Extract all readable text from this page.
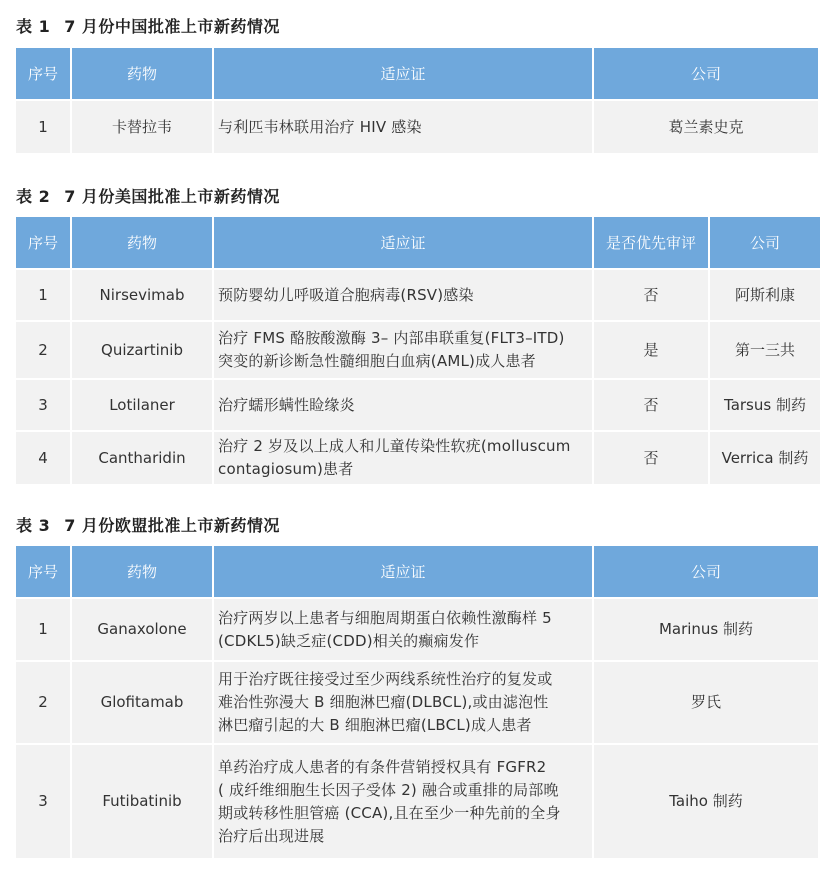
表 1 7 月份中国批准上市新药情况
序号	药物	适应证	公司
1	卡替拉韦	与利匹韦林联用治疗 HIV 感染	葛兰素史克
表 2 7 月份美国批准上市新药情况
序号	药物	适应证	是否优先审评	公司
1	Nirsevimab	预防婴幼儿呼吸道合胞病毒(RSV)感染	否	阿斯利康
2	Quizartinib	治疗 FMS 酪胺酸激酶 3– 内部串联重复(FLT3–ITD)
突变的新诊断急性髓细胞白血病(AML)成人患者	是	第一三共
3	Lotilaner	治疗蠕形螨性睑缘炎	否	Tarsus 制药
4	Cantharidin	治疗 2 岁及以上成人和儿童传染性软疣(molluscum
contagiosum)患者	否	Verrica 制药
表 3 7 月份欧盟批准上市新药情况
序号	药物	适应证	公司
1	Ganaxolone	治疗两岁以上患者与细胞周期蛋白依赖性激酶样 5
(CDKL5)缺乏症(CDD)相关的癫痫发作	Marinus 制药
2	Glofitamab	用于治疗既往接受过至少两线系统性治疗的复发或
难治性弥漫大 B 细胞淋巴瘤(DLBCL),或由滤泡性
淋巴瘤引起的大 B 细胞淋巴瘤(LBCL)成人患者	罗氏
3	Futibatinib	单药治疗成人患者的有条件营销授权具有 FGFR2
( 成纤维细胞生长因子受体 2) 融合或重排的局部晚
期或转移性胆管癌 (CCA),且在至少一种先前的全身
治疗后出现进展	Taiho 制药
